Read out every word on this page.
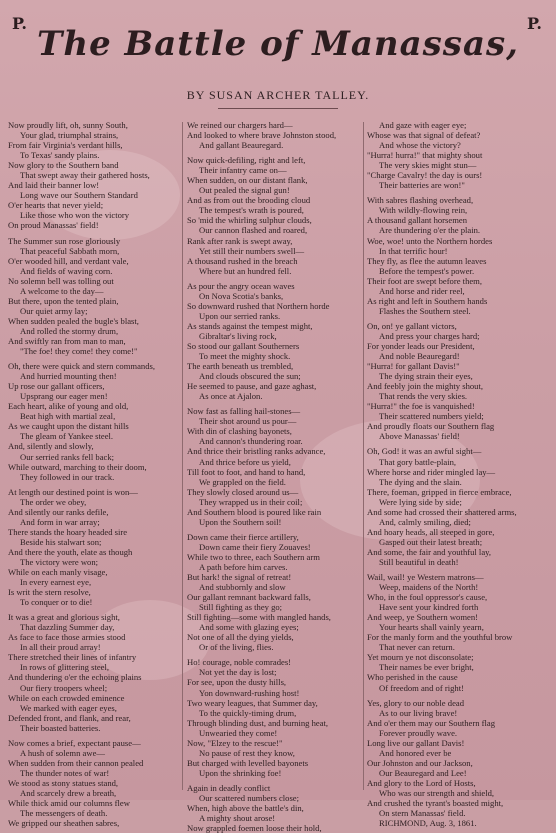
P.	P.
The Battle of Manassas,
BY SUSAN ARCHER TALLEY.
Now proudly lift, oh, sunny South,
Your glad, triumphal strains,
From fair Virginia's verdant hills,
To Texas' sandy plains.
Now glory to the Southern band
That swept away their gathered hosts,
And laid their banner low!
Long wave our Southern Standard
O'er hearts that never yield;
Like those who won the victory
On proud Manassas' field!
The Summer sun rose gloriously
That peaceful Sabbath morn,
O'er wooded hill, and verdant vale,
And fields of waving corn.
No solemn bell was tolling out
A welcome to the day—
But there, upon the tented plain,
Our quiet army lay;
When sudden pealed the bugle's blast,
And rolled the stormy drum,
And swiftly ran from man to man,
"The foe! they come! they come!"
Oh, there were quick and stern commands,
And hurried mounting then!
Up rose our gallant officers,
Upsprang our eager men!
Each heart, alike of young and old,
Beat high with martial zeal,
As we caught upon the distant hills
The gleam of Yankee steel.
And, silently and slowly,
Our serried ranks fell back;
While outward, marching to their doom,
They followed in our track.
At length our destined point is won—
The order we obey,
And silently our ranks defile,
And form in war array;
There stands the hoary headed sire
Beside his stalwart son;
And there the youth, elate as though
The victory were won;
While on each manly visage,
In every earnest eye,
Is writ the stern resolve,
To conquer or to die!
It was a great and glorious sight,
That dazzling Summer day,
As face to face those armies stood
In all their proud array!
There stretched their lines of infantry
In rows of glittering steel,
And thundering o'er the echoing plains
Our fiery troopers wheel;
While on each crowded eminence
We marked with eager eyes,
Defended front, and flank, and rear,
Their boasted batteries.
Now comes a brief, expectant pause—
A hush of solemn awe—
When sudden from their cannon pealed
The thunder notes of war!
We stood as stony statues stand,
And scarcely drew a breath,
While thick amid our columns flew
The messengers of death.
We gripped our sheathen sabres,
We reined our chargers hard—
And looked to where brave Johnston stood,
And gallant Beauregard.
Now quick-defiling, right and left,
Their infantry came on—
When sudden, on our distant flank,
Out pealed the signal gun!
And as from out the brooding cloud
The tempest's wrath is poured,
So 'mid the whirling sulphur clouds,
Our cannon flashed and roared,
Rank after rank is swept away,
Yet still their numbers swell—
A thousand rushed in the breach
Where but an hundred fell.
As pour the angry ocean waves
On Nova Scotia's banks,
So downward rushed that Northern horde
Upon our serried ranks.
As stands against the tempest might,
Gibraltar's living rock,
So stood our gallant Southerners
To meet the mighty shock.
The earth beneath us trembled,
And clouds obscured the sun;
He seemed to pause, and gaze aghast,
As once at Ajalon.
Now fast as falling hail-stones—
Their shot around us pour—
With din of clashing bayonets,
And cannon's thundering roar.
And thrice their bristling ranks advance,
And thrice before us yield,
Till foot to foot, and hand to hand,
We grappled on the field.
They slowly closed around us—
They wrapped us in their coil;
And Southern blood is poured like rain
Upon the Southern soil!
Down came their fierce artillery,
Down came their fiery Zouaves!
While two to three, each Southern arm
A path before him carves.
But hark! the signal of retreat!
And stubbornly and slow
Our gallant remnant backward falls,
Still fighting as they go;
Still fighting—some with mangled hands,
And some with glazing eyes;
Not one of all the dying yields,
Or of the living, flies.
Ho! courage, noble comrades!
Not yet the day is lost;
For see, upon the dusty hills,
Yon downward-rushing host!
Two weary leagues, that Summer day,
To the quickly-timing drum,
Through blinding dust, and burning heat,
Unwearied they come!
Now, "Elzey to the rescue!"
No pause of rest they know,
But charged with levelled bayonets
Upon the shrinking foe!
Again in deadly conflict
Our scattered numbers close;
When, high above the battle's din,
A mighty shout arose!
Now grappled foemen loose their hold,
And gaze with eager eye;
Whose was that signal of defeat?
And whose the victory?
"Hurra! hurra!" that mighty shout
The very skies might stun—
"Charge Cavalry! the day is ours!
Their batteries are won!"
With sabres flashing overhead,
With wildly-flowing rein,
A thousand gallant horsemen
Are thundering o'er the plain.
Woe, woe! unto the Northern hordes
In that terrific hour!
They fly, as flee the autumn leaves
Before the tempest's power.
Their foot are swept before them,
And horse and rider reel,
As right and left in Southern hands
Flashes the Southern steel.
On, on! ye gallant victors,
And press your charges hard;
For yonder leads our President,
And noble Beauregard!
"Hurra! for gallant Davis!"
The dying strain their eyes,
And feebly join the mighty shout,
That rends the very skies.
"Hurra!" the foe is vanquished!
Their scattered numbers yield;
And proudly floats our Southern flag
Above Manassas' field!
Oh, God! it was an awful sight—
That gory battle-plain,
Where horse and rider mingled lay—
The dying and the slain.
There, foeman, gripped in fierce embrace,
Were lying side by side;
And some had crossed their shattered arms,
And, calmly smiling, died;
And hoary heads, all steeped in gore,
Gasped out their latest breath;
And some, the fair and youthful lay,
Still beautiful in death!
Wail, wail! ye Western matrons—
Weep, maidens of the North!
Who, in the foul oppressor's cause,
Have sent your kindred forth
And weep, ye Southern women!
Your hearts shall vainly yearn,
For the manly form and the youthful brow
That never can return.
Yet mourn ye not disconsolate;
Their names be ever bright,
Who perished in the cause
Of freedom and of right!
Yes, glory to our noble dead
As to our living brave!
And o'er them may our Southern flag
Forever proudly wave.
Long live our gallant Davis!
And honored ever be
Our Johnston and our Jackson,
Our Beauregard and Lee!
And glory to the Lord of Hosts,
Who was our strength and shield,
And crushed the tyrant's boasted might,
On stern Manassas' field.
RICHMOND, Aug. 3, 1861.
